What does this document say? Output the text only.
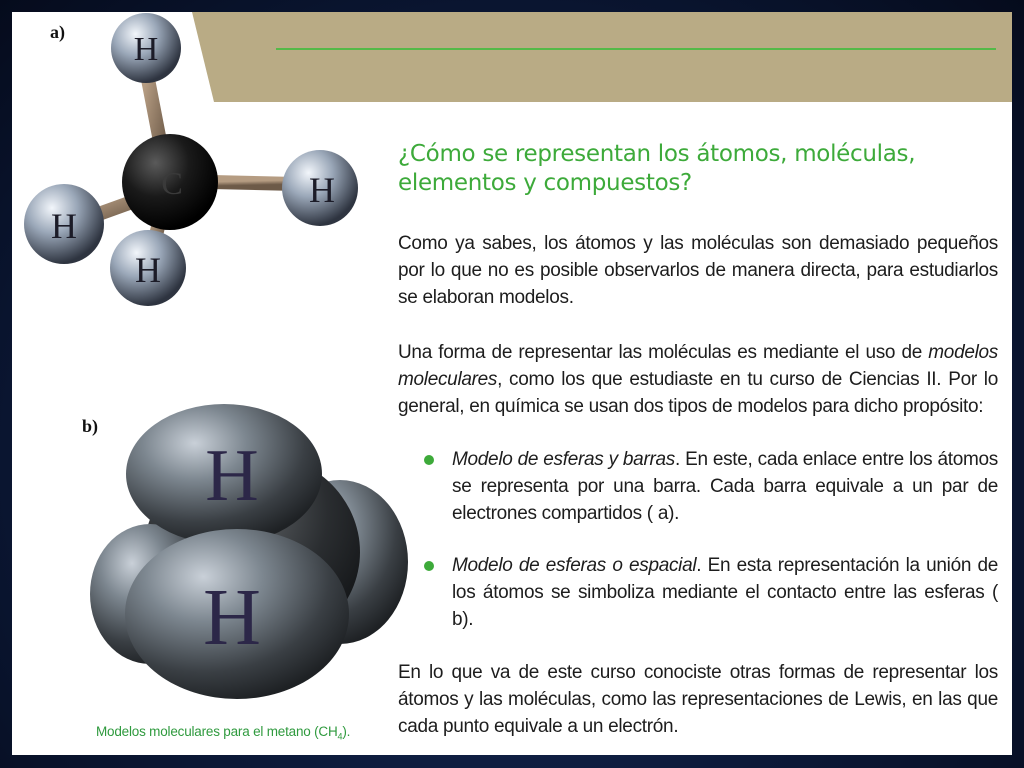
a)
C
H
H
H
H
b)
H
H
Modelos moleculares para el metano $(CH_4)$.
¿Cómo se representan los átomos, moléculas, elementos y compuestos?

Como ya sabes, los átomos y las moléculas son demasiado pequeños por lo que no es posible observarlos de manera directa, para estudiarlos se elaboran modelos.

Una forma de representar las moléculas es mediante el uso de modelos moleculares, como los que estudiaste en tu curso de Ciencias II. Por lo general, en química se usan dos tipos de modelos para dicho propósito:

Modelo de esferas y barras. En este, cada enlace entre los átomos se representa por una barra. Cada barra equivale a un par de electrones compartidos ( a).

Modelo de esferas o espacial. En esta representación la unión de los átomos se simboliza mediante el contacto entre las esferas ( b).

En lo que va de este curso conociste otras formas de representar los átomos y las moléculas, como las representaciones de Lewis, en las que cada punto equivale a un electrón.
